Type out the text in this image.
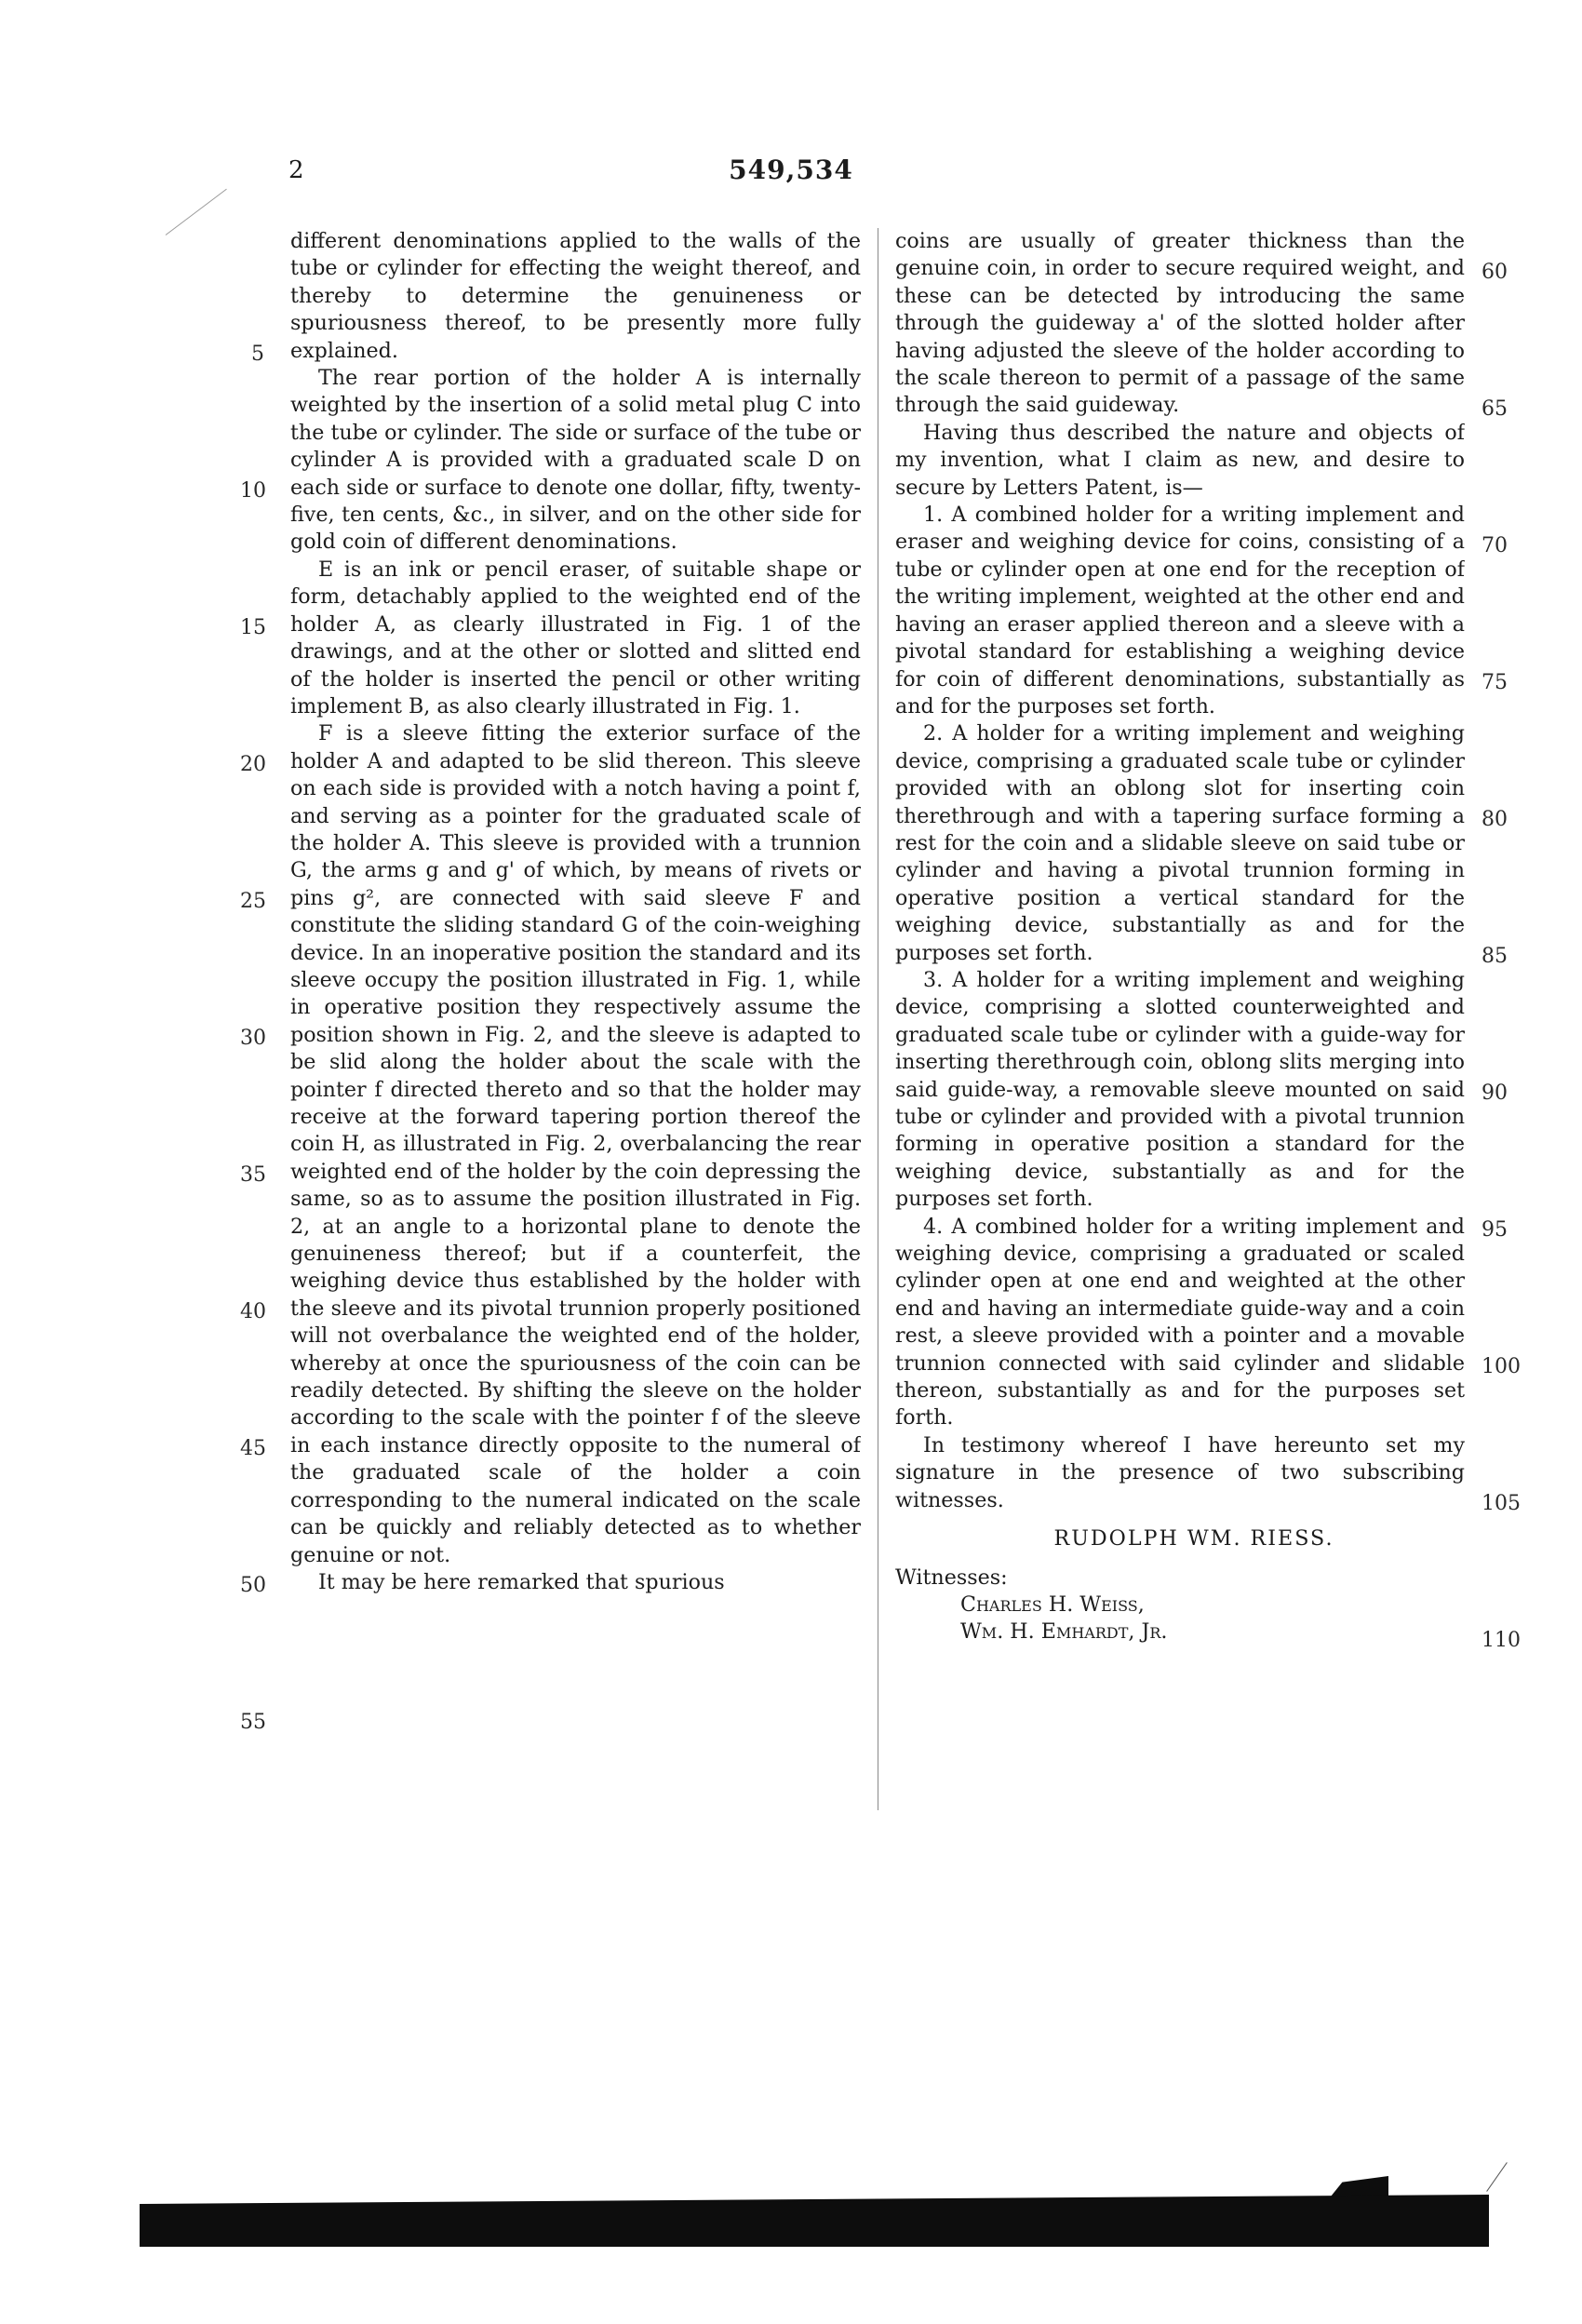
2	549,534

different denominations applied to the walls of the tube or cylinder for effecting the weight thereof, and thereby to determine the genuineness or spuriousness thereof, to be presently more fully explained.

The rear portion of the holder A is internally weighted by the insertion of a solid metal plug C into the tube or cylinder. The side or surface of the tube or cylinder A is provided with a graduated scale D on each side or surface to denote one dollar, fifty, twenty-five, ten cents, &c., in silver, and on the other side for gold coin of different denominations.

E is an ink or pencil eraser, of suitable shape or form, detachably applied to the weighted end of the holder A, as clearly illustrated in Fig. 1 of the drawings, and at the other or slotted and slitted end of the holder is inserted the pencil or other writing implement B, as also clearly illustrated in Fig. 1.

F is a sleeve fitting the exterior surface of the holder A and adapted to be slid thereon. This sleeve on each side is provided with a notch having a point f, and serving as a pointer for the graduated scale of the holder A. This sleeve is provided with a trunnion G, the arms g and g' of which, by means of rivets or pins g², are connected with said sleeve F and constitute the sliding standard G of the coin-weighing device. In an inoperative position the standard and its sleeve occupy the position illustrated in Fig. 1, while in operative position they respectively assume the position shown in Fig. 2, and the sleeve is adapted to be slid along the holder about the scale with the pointer f directed thereto and so that the holder may receive at the forward tapering portion thereof the coin H, as illustrated in Fig. 2, overbalancing the rear weighted end of the holder by the coin depressing the same, so as to assume the position illustrated in Fig. 2, at an angle to a horizontal plane to denote the genuineness thereof; but if a counterfeit, the weighing device thus established by the holder with the sleeve and its pivotal trunnion properly positioned will not overbalance the weighted end of the holder, whereby at once the spuriousness of the coin can be readily detected. By shifting the sleeve on the holder according to the scale with the pointer f of the sleeve in each instance directly opposite to the numeral of the graduated scale of the holder a coin corresponding to the numeral indicated on the scale can be quickly and reliably detected as to whether genuine or not.

It may be here remarked that spurious

5
10
15
20
25
30
35
40
45
50
55

coins are usually of greater thickness than the genuine coin, in order to secure required weight, and these can be detected by introducing the same through the guideway a' of the slotted holder after having adjusted the sleeve of the holder according to the scale thereon to permit of a passage of the same through the said guideway.

Having thus described the nature and objects of my invention, what I claim as new, and desire to secure by Letters Patent, is—

1. A combined holder for a writing implement and eraser and weighing device for coins, consisting of a tube or cylinder open at one end for the reception of the writing implement, weighted at the other end and having an eraser applied thereon and a sleeve with a pivotal standard for establishing a weighing device for coin of different denominations, substantially as and for the purposes set forth.

2. A holder for a writing implement and weighing device, comprising a graduated scale tube or cylinder provided with an oblong slot for inserting coin therethrough and with a tapering surface forming a rest for the coin and a slidable sleeve on said tube or cylinder and having a pivotal trunnion forming in operative position a vertical standard for the weighing device, substantially as and for the purposes set forth.

3. A holder for a writing implement and weighing device, comprising a slotted counterweighted and graduated scale tube or cylinder with a guide-way for inserting therethrough coin, oblong slits merging into said guide-way, a removable sleeve mounted on said tube or cylinder and provided with a pivotal trunnion forming in operative position a standard for the weighing device, substantially as and for the purposes set forth.

4. A combined holder for a writing implement and weighing device, comprising a graduated or scaled cylinder open at one end and weighted at the other end and having an intermediate guide-way and a coin rest, a sleeve provided with a pointer and a movable trunnion connected with said cylinder and slidable thereon, substantially as and for the purposes set forth.

In testimony whereof I have hereunto set my signature in the presence of two subscribing witnesses.

RUDOLPH WM. RIESS.

Witnesses:

Charles H. Weiss,

Wm. H. Emhardt, Jr.

60
65
70
75
80
85
90
95
100
105
110
